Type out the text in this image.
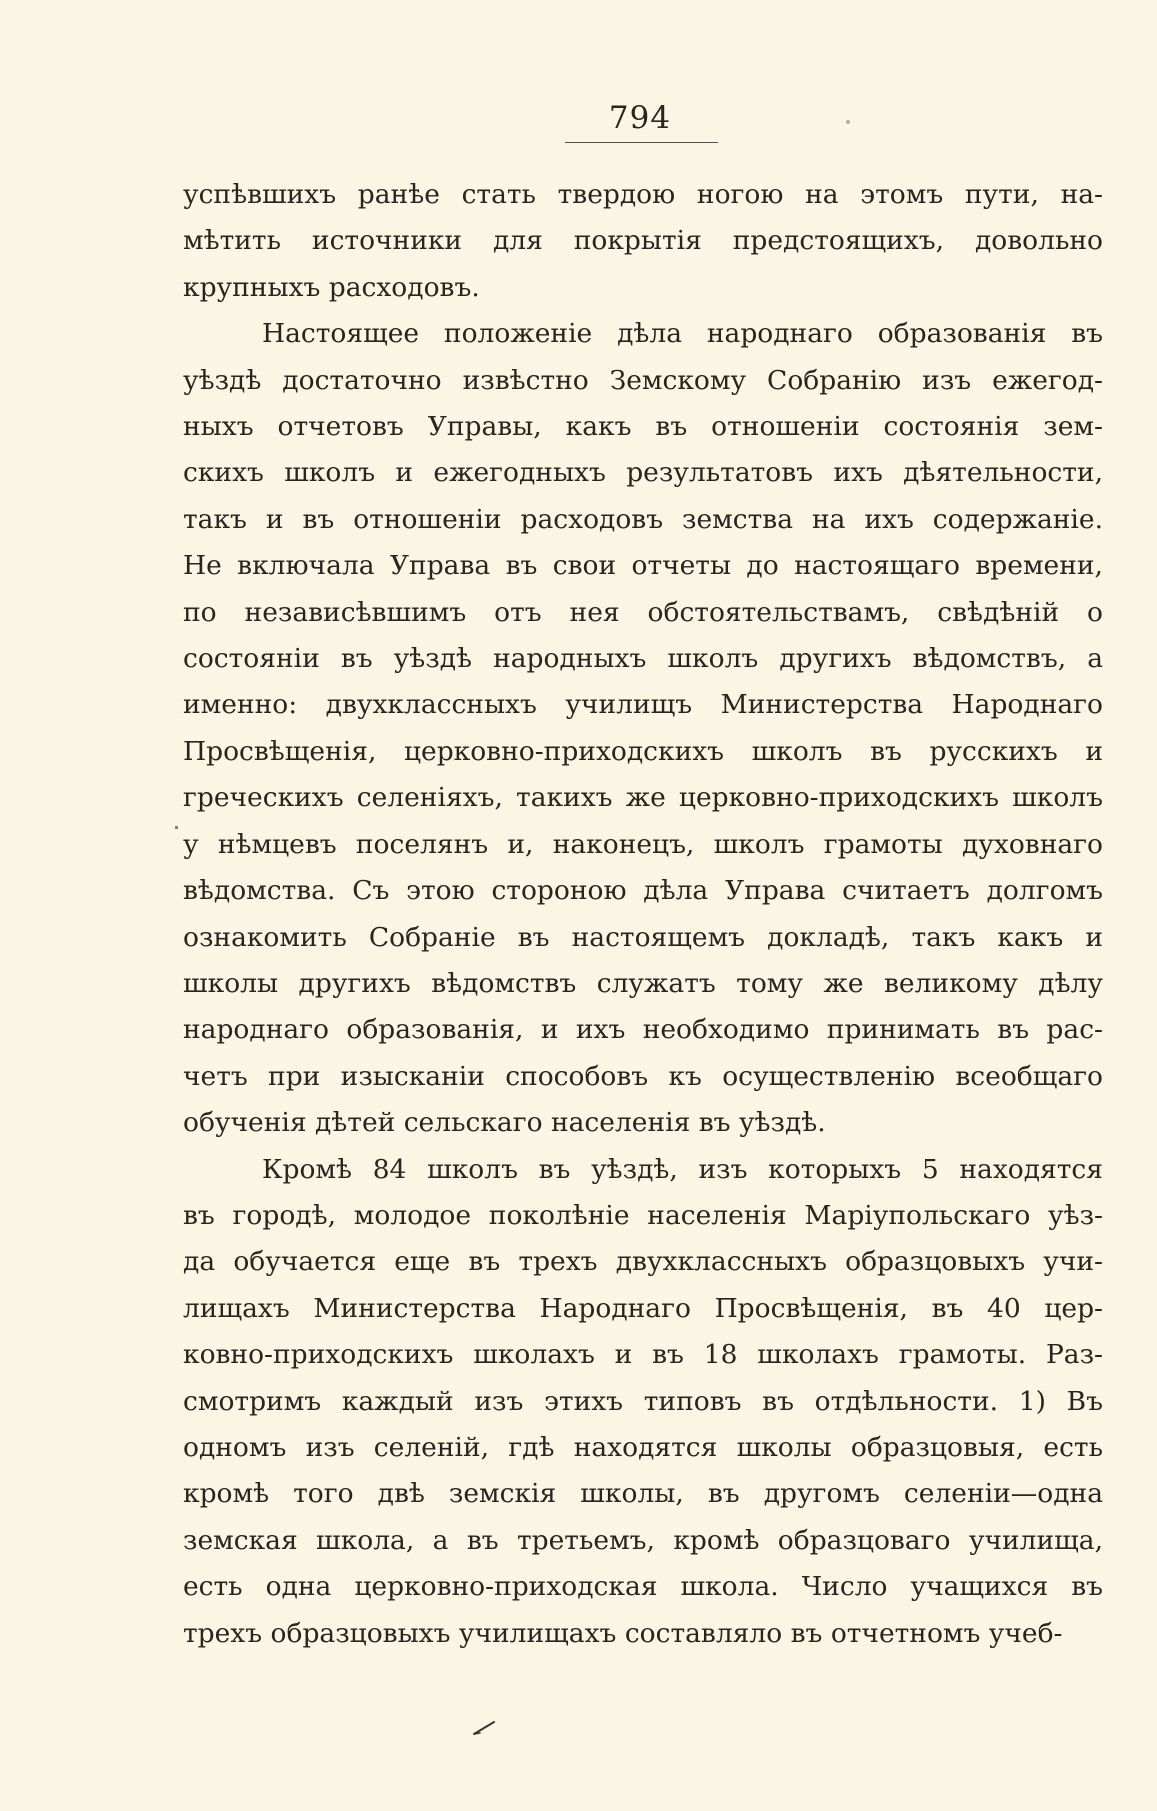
794
успѣвшихъ ранѣе стать твердою ногою на этомъ пути, на-
мѣтить источники для покрытія предстоящихъ, довольно
крупныхъ расходовъ.
Настоящее положеніе дѣла народнаго образованія въ
уѣздѣ достаточно извѣстно Земскому Собранію изъ ежегод-
ныхъ отчетовъ Управы, какъ въ отношеніи состоянія зем-
скихъ школъ и ежегодныхъ результатовъ ихъ дѣятельности,
такъ и въ отношеніи расходовъ земства на ихъ содержаніе.
Не включала Управа въ свои отчеты до настоящаго времени,
по независѣвшимъ отъ нея обстоятельствамъ, свѣдѣній о
состояніи въ уѣздѣ народныхъ школъ другихъ вѣдомствъ, а
именно: двухклассныхъ училищъ Министерства Народнаго
Просвѣщенія, церковно-приходскихъ школъ въ русскихъ и
греческихъ селеніяхъ, такихъ же церковно-приходскихъ школъ
у нѣмцевъ поселянъ и, наконецъ, школъ грамоты духовнаго
вѣдомства. Съ этою стороною дѣла Управа считаетъ долгомъ
ознакомить Собраніе въ настоящемъ докладѣ, такъ какъ и
школы другихъ вѣдомствъ служатъ тому же великому дѣлу
народнаго образованія, и ихъ необходимо принимать въ рас-
четъ при изысканіи способовъ къ осуществленію всеобщаго
обученія дѣтей сельскаго населенія въ уѣздѣ.
Кромѣ 84 школъ въ уѣздѣ, изъ которыхъ 5 находятся
въ городѣ, молодое поколѣніе населенія Маріупольскаго уѣз-
да обучается еще въ трехъ двухклассныхъ образцовыхъ учи-
лищахъ Министерства Народнаго Просвѣщенія, въ 40 цер-
ковно-приходскихъ школахъ и въ 18 школахъ грамоты. Раз-
смотримъ каждый изъ этихъ типовъ въ отдѣльности. 1) Въ
одномъ изъ селеній, гдѣ находятся школы образцовыя, есть
кромѣ того двѣ земскія школы, въ другомъ селеніи—одна
земская школа, а въ третьемъ, кромѣ образцоваго училища,
есть одна церковно-приходская школа. Число учащихся въ
трехъ образцовыхъ училищахъ составляло въ отчетномъ учеб-
